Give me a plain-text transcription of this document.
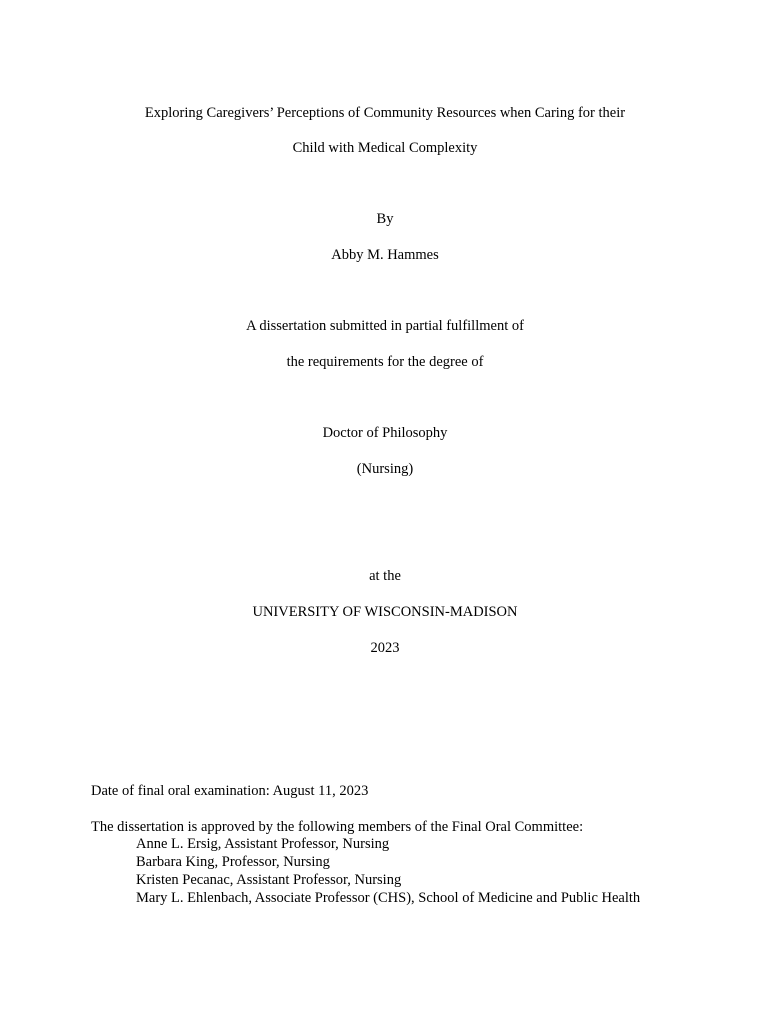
Exploring Caregivers’ Perceptions of Community Resources when Caring for their
Child with Medical Complexity
By
Abby M. Hammes
A dissertation submitted in partial fulfillment of
the requirements for the degree of
Doctor of Philosophy
(Nursing)
at the
UNIVERSITY OF WISCONSIN-MADISON
2023
Date of final oral examination: August 11, 2023
The dissertation is approved by the following members of the Final Oral Committee:
Anne L. Ersig, Assistant Professor, Nursing
Barbara King, Professor, Nursing
Kristen Pecanac, Assistant Professor, Nursing
Mary L. Ehlenbach, Associate Professor (CHS), School of Medicine and Public Health
